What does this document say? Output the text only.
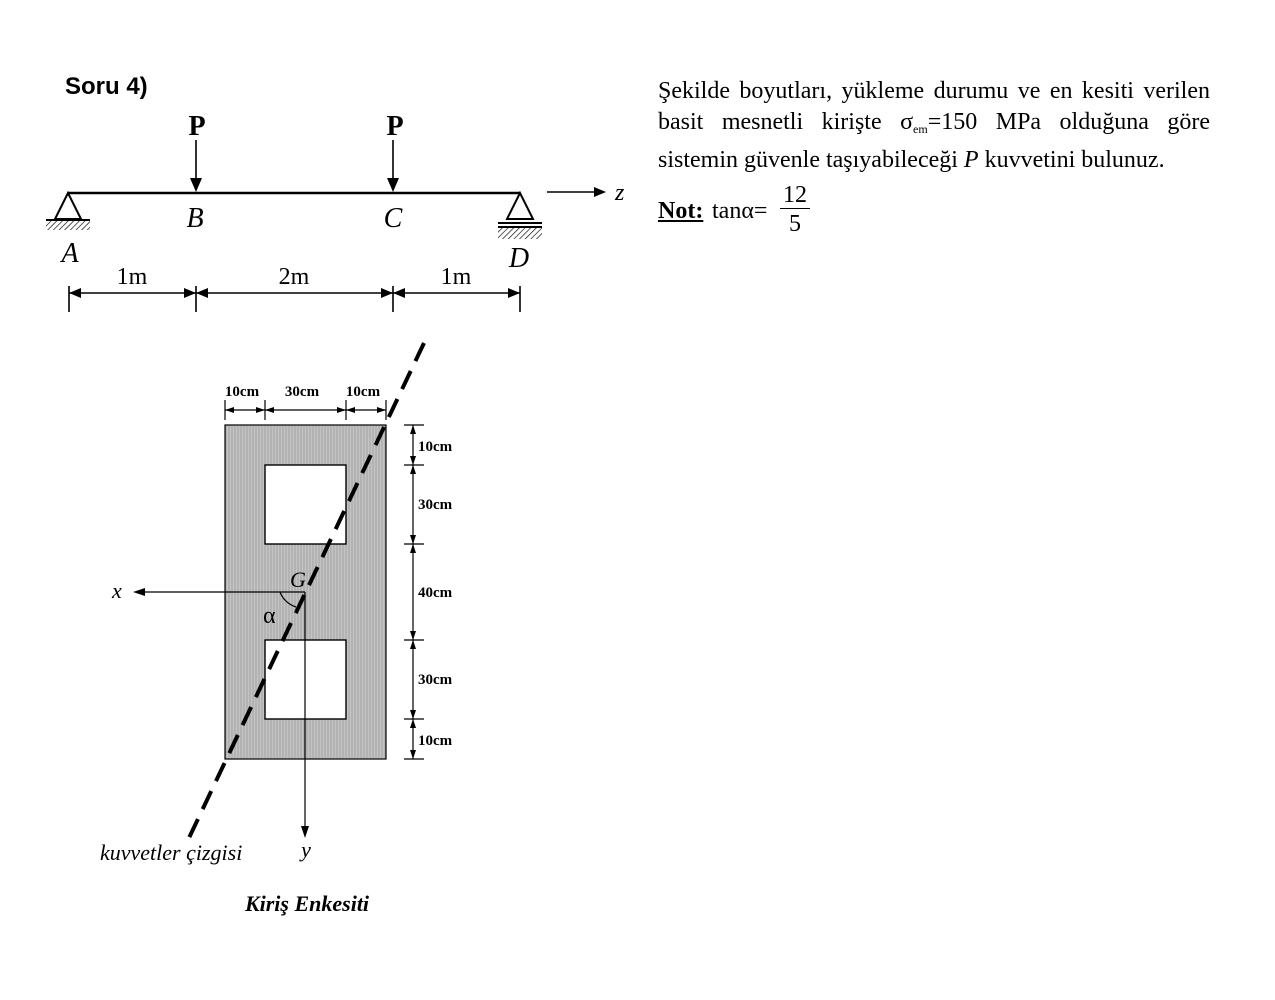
Soru 4)	Şekilde boyutları, yükleme durumu ve en kesiti verilen basit mesnetli kirişte $\sigma_{em}=150$ MPa olduğuna göre sistemin güvenle taşıyabileceği P kuvvetini bulunuz.

Not: $\tan\alpha= \frac{12}{5}$
P	P
z
A
B	C
D
1m	2m	1m
x
y
G
α
kuvvetler çizgisi
10cm 30cm 10cm
10cm
30cm
40cm
30cm
10cm
Kiriş Enkesiti
